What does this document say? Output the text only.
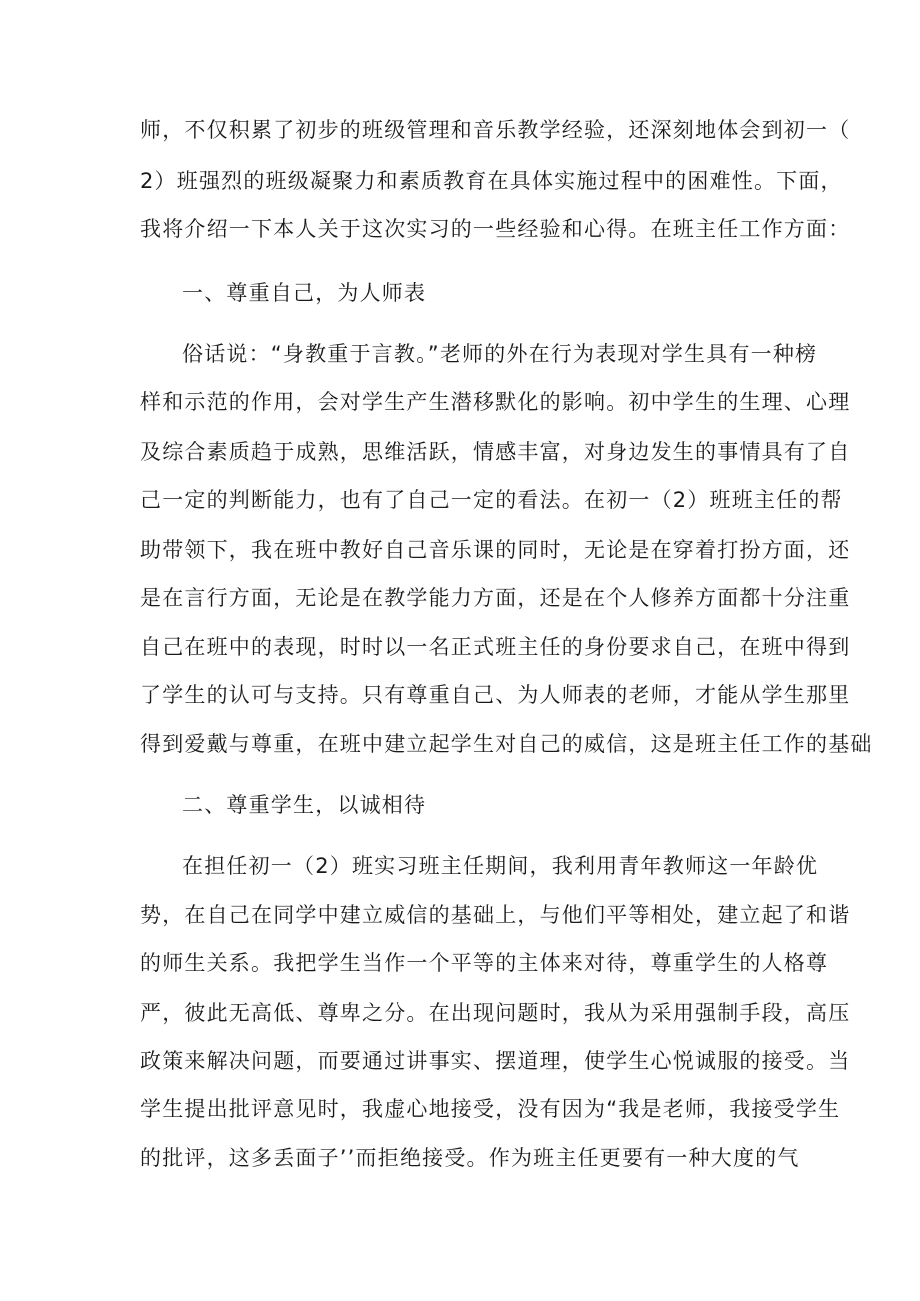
师，不仅积累了初步的班级管理和音乐教学经验，还深刻地体会到初一（
2）班强烈的班级凝聚力和素质教育在具体实施过程中的困难性。下面，
我将介绍一下本人关于这次实习的一些经验和心得。在班主任工作方面：
一、尊重自己，为人师表
俗话说：“身教重于言教。”老师的外在行为表现对学生具有一种榜
样和示范的作用，会对学生产生潜移默化的影响。初中学生的生理、心理
及综合素质趋于成熟，思维活跃，情感丰富，对身边发生的事情具有了自
己一定的判断能力，也有了自己一定的看法。在初一（2）班班主任的帮
助带领下，我在班中教好自己音乐课的同时，无论是在穿着打扮方面，还
是在言行方面，无论是在教学能力方面，还是在个人修养方面都十分注重
自己在班中的表现，时时以一名正式班主任的身份要求自己，在班中得到
了学生的认可与支持。只有尊重自己、为人师表的老师，才能从学生那里
得到爱戴与尊重，在班中建立起学生对自己的威信，这是班主任工作的基础
二、尊重学生，以诚相待
在担任初一（2）班实习班主任期间，我利用青年教师这一年龄优
势，在自己在同学中建立威信的基础上，与他们平等相处，建立起了和谐
的师生关系。我把学生当作一个平等的主体来对待，尊重学生的人格尊
严，彼此无高低、尊卑之分。在出现问题时，我从为采用强制手段，高压
政策来解决问题，而要通过讲事实、摆道理，使学生心悦诚服的接受。当
学生提出批评意见时，我虚心地接受，没有因为“我是老师，我接受学生
的批评，这多丢面子’’而拒绝接受。作为班主任更要有一种大度的气
